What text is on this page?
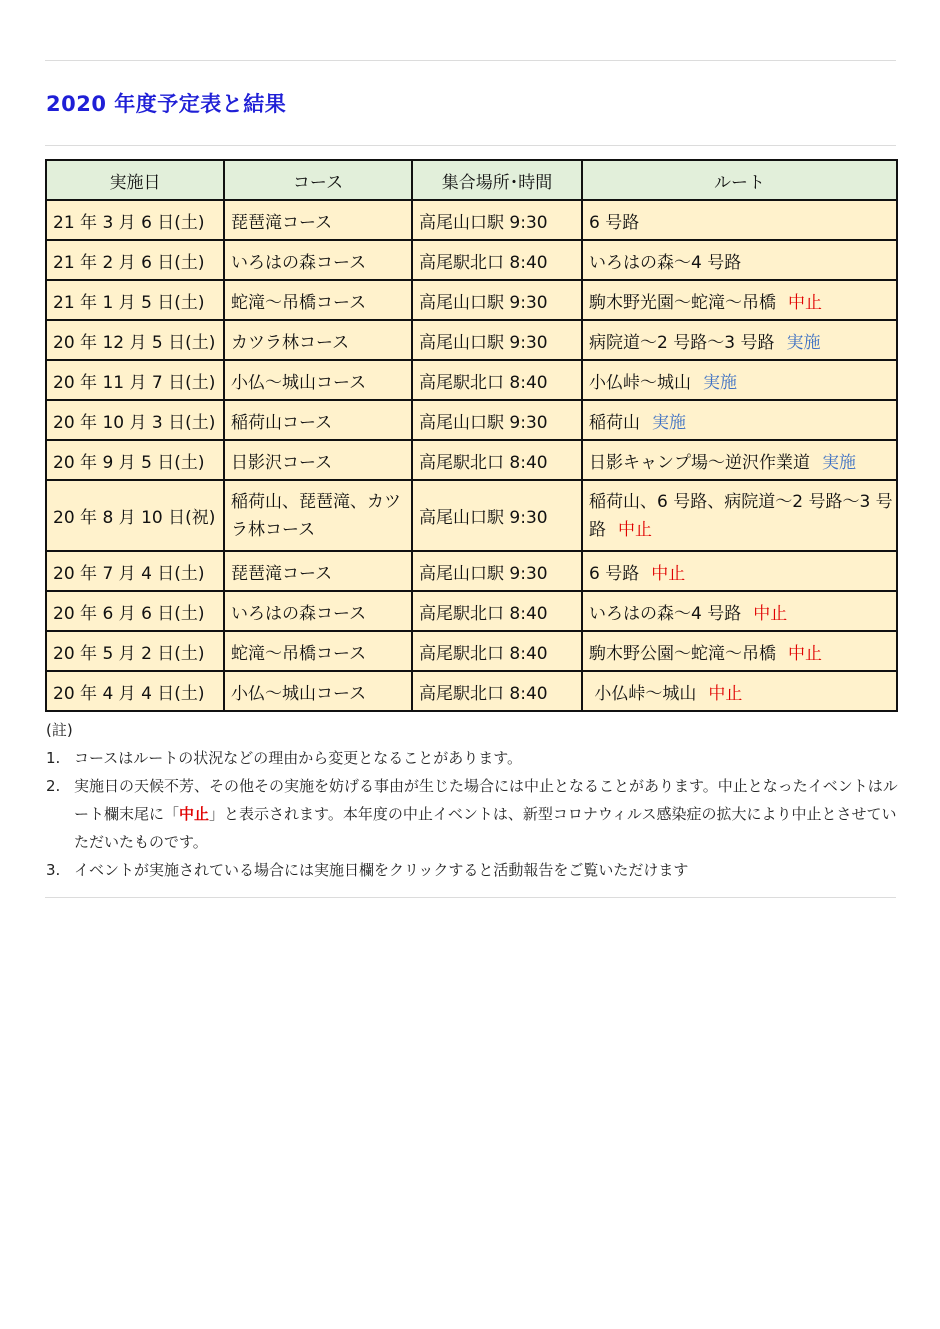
2020 年度予定表と結果
実施日	コース	集合場所･時間	ルート
21 年 3 月 6 日(土)	琵琶滝コース	高尾山口駅 9:30	6 号路
21 年 2 月 6 日(土)	いろはの森コース	高尾駅北口 8:40	いろはの森～4 号路
21 年 1 月 5 日(土)	蛇滝～吊橋コース	高尾山口駅 9:30	駒木野光園～蛇滝～吊橋 中止
20 年 12 月 5 日(土)	カツラ林コース	高尾山口駅 9:30	病院道～2 号路～3 号路 実施
20 年 11 月 7 日(土)	小仏～城山コース	高尾駅北口 8:40	小仏峠～城山 実施
20 年 10 月 3 日(土)	稲荷山コース	高尾山口駅 9:30	稲荷山 実施
20 年 9 月 5 日(土)	日影沢コース	高尾駅北口 8:40	日影キャンプ場～逆沢作業道 実施
20 年 8 月 10 日(祝)	稲荷山、琵琶滝、カツラ林コース	高尾山口駅 9:30	稲荷山、6 号路、病院道～2 号路～3 号路 中止
20 年 7 月 4 日(土)	琵琶滝コース	高尾山口駅 9:30	6 号路 中止
20 年 6 月 6 日(土)	いろはの森コース	高尾駅北口 8:40	いろはの森～4 号路 中止
20 年 5 月 2 日(土)	蛇滝～吊橋コース	高尾駅北口 8:40	駒木野公園～蛇滝～吊橋 中止
20 年 4 月 4 日(土)	小仏～城山コース	高尾駅北口 8:40	小仏峠～城山 中止
(註)
1. コースはルートの状況などの理由から変更となることがあります。
2. 実施日の天候不芳、その他その実施を妨げる事由が生じた場合には中止となることがあります。中止となったイベントはルート欄末尾に「中止」と表示されます。本年度の中止イベントは、新型コロナウィルス感染症の拡大により中止とさせていただいたものです。
3. イベントが実施されている場合には実施日欄をクリックすると活動報告をご覧いただけます
